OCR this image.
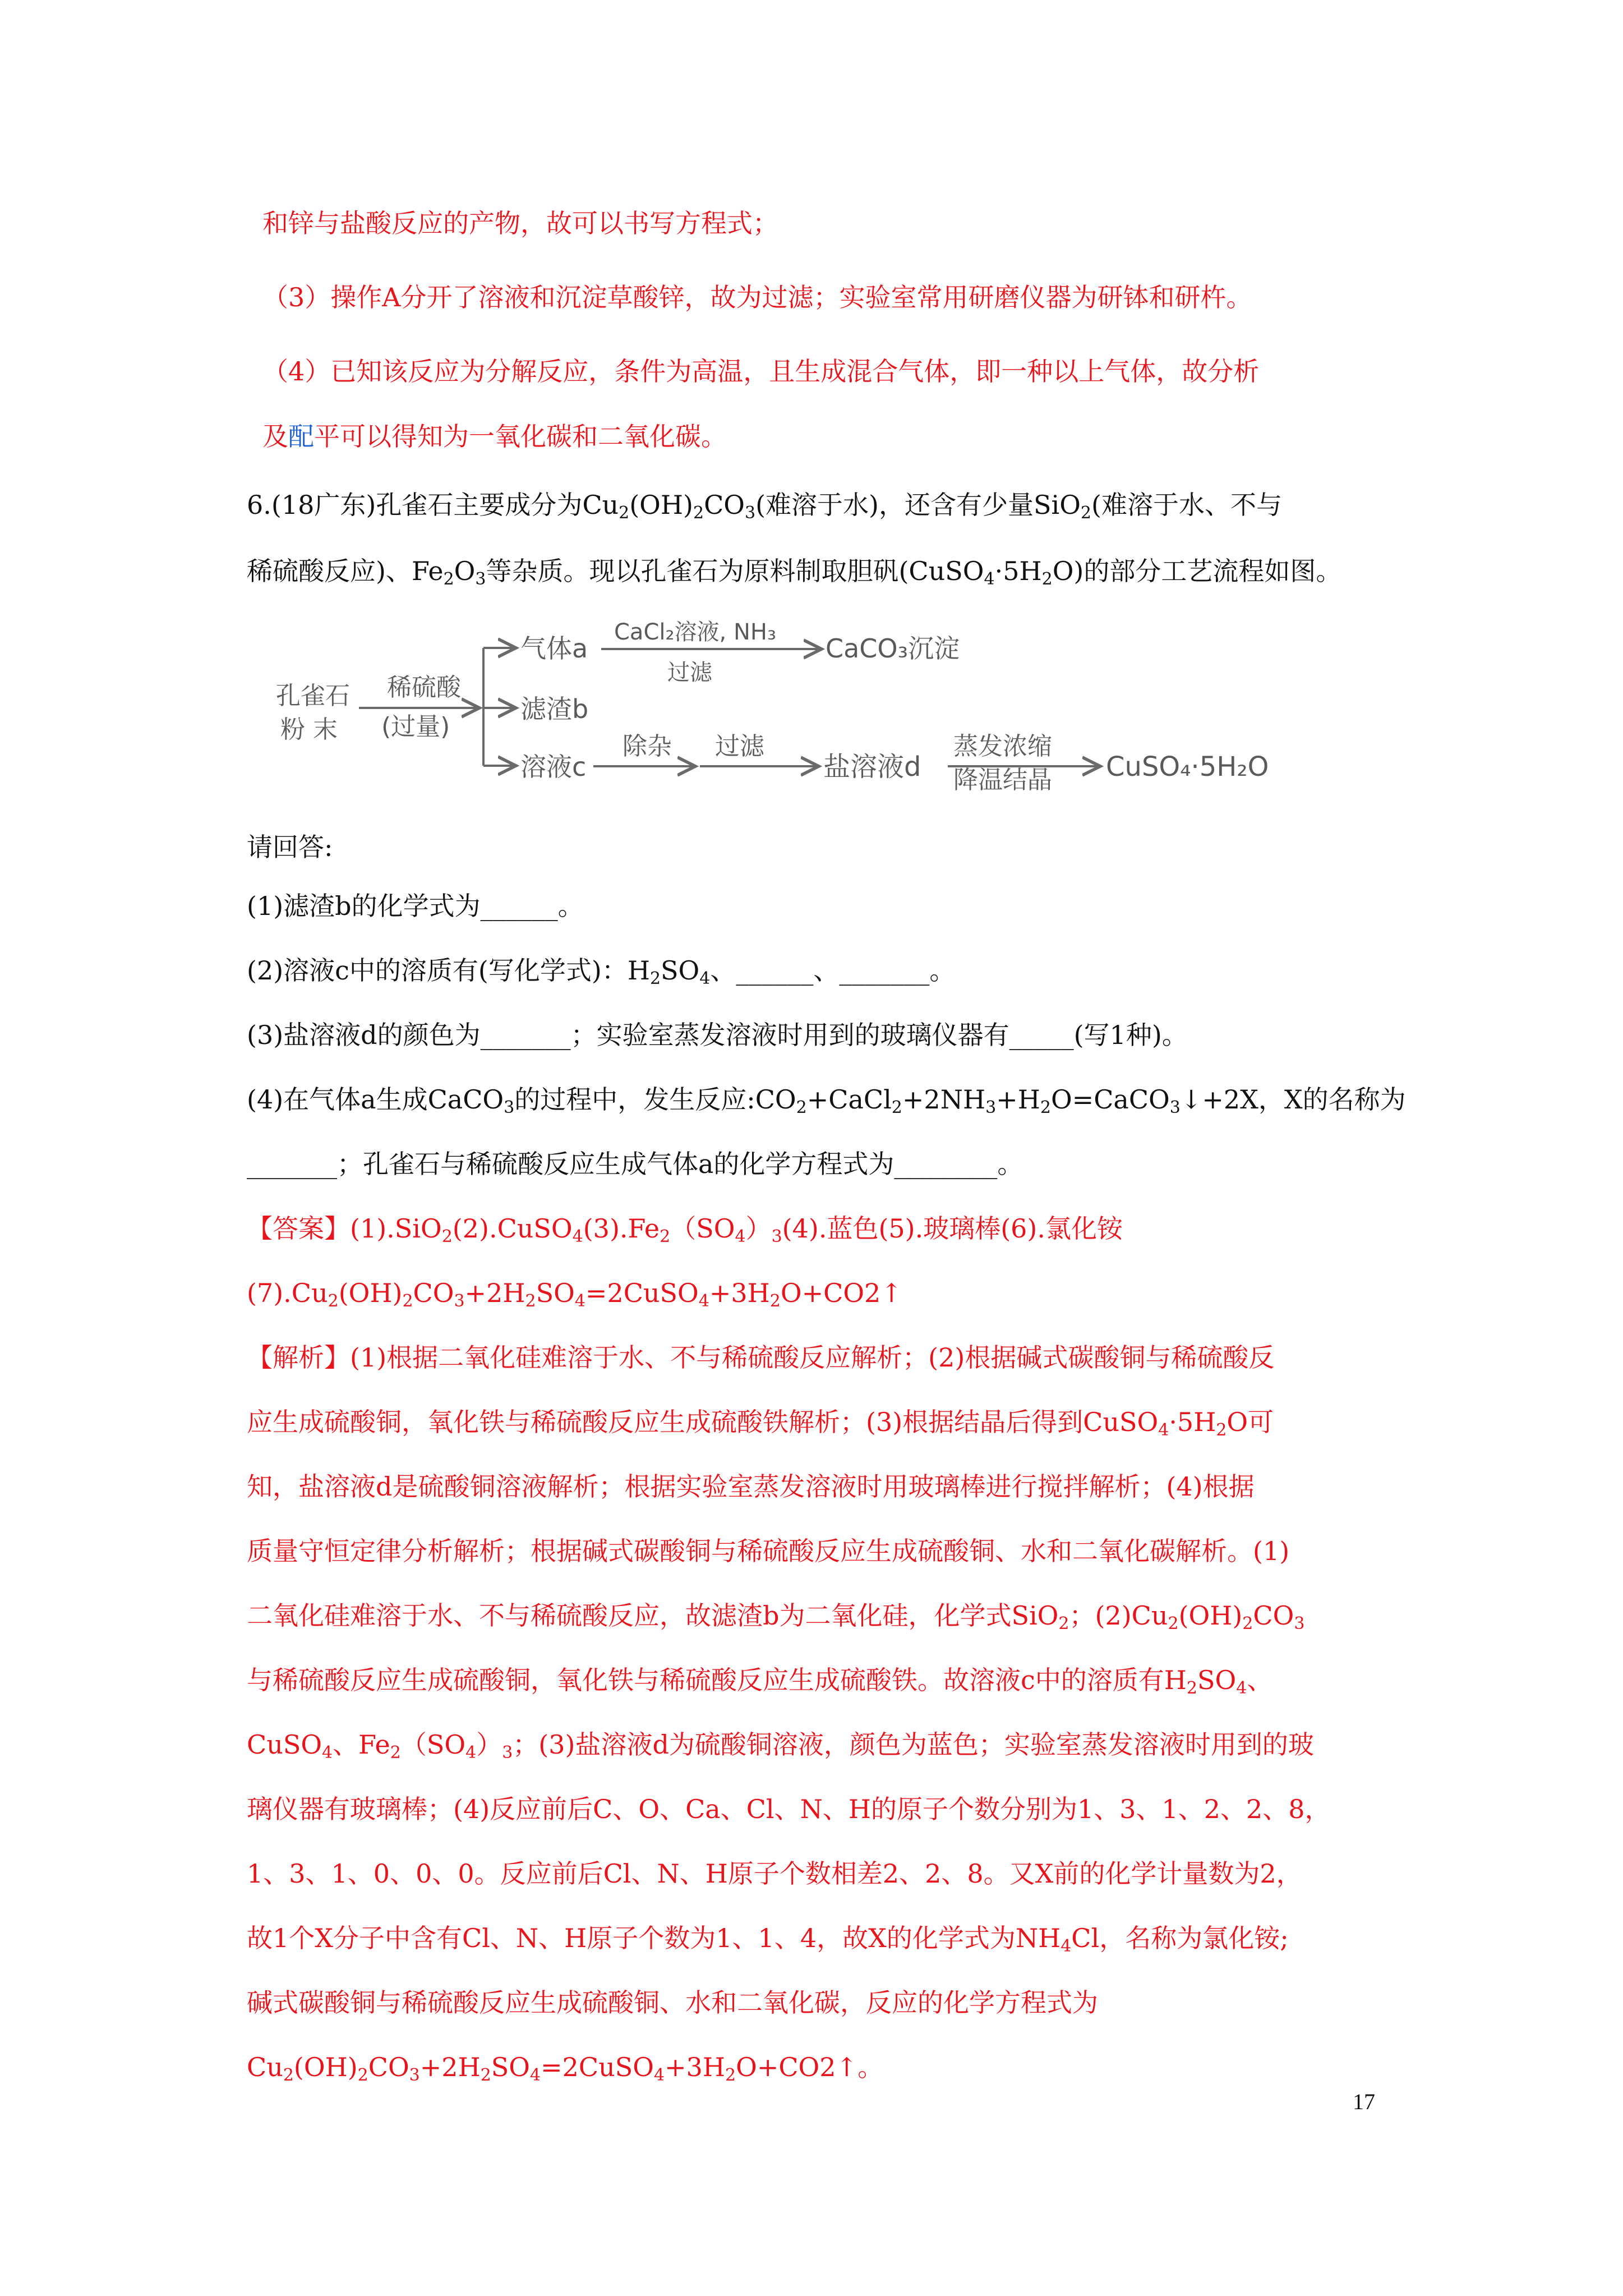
和锌与盐酸反应的产物，故可以书写方程式；
（3）操作A分开了溶液和沉淀草酸锌，故为过滤；实验室常用研磨仪器为研钵和研杵。
（4）已知该反应为分解反应，条件为高温，且生成混合气体，即一种以上气体，故分析
及配平可以得知为一氧化碳和二氧化碳。
6.(18广东)孔雀石主要成分为$Cu_2(OH)_2CO_3$(难溶于水)，还含有少量SiO$_2$(难溶于水、不与
稀硫酸反应)、$Fe_2O_3$等杂质。现以孔雀石为原料制取胆矾$(CuSO_4\cdot 5H_2O)$的部分工艺流程如图。
孔雀石
粉 末
稀硫酸
(过量)
气体a
CaCl₂溶液, NH₃
过滤
CaCO₃沉淀
滤渣b
溶液c
除杂 过滤
盐溶液d
蒸发浓缩
降温结晶 CuSO₄·5H₂O
请回答:
(1)滤渣b的化学式为______。
(2)溶液c中的溶质有(写化学式)：$H_2SO_4$、______、_______。
(3)盐溶液d的颜色为_______；实验室蒸发溶液时用到的玻璃仪器有_____(写1种)。
(4)在气体a生成CaCO$_3$的过程中，发生反应$:CO_2+CaCl_2+2NH_3+H_2O=CaCO_3↓+2X$，X的名称为
_______；孔雀石与稀硫酸反应生成气体a的化学方程式为________。
【答案】$(1).SiO_2(2).CuSO_4(3).Fe_2(SO_4)_3(4)$.蓝色(5).玻璃棒(6).氯化铵
$(7).Cu_2(OH)_2CO_3+2H_2SO_4=2CuSO_4+3H_2O+CO2↑$
【解析】(1)根据二氧化硅难溶于水、不与稀硫酸反应解析；(2)根据碱式碳酸铜与稀硫酸反
应生成硫酸铜，氧化铁与稀硫酸反应生成硫酸铁解析；(3)根据结晶后得到$CuSO_4\cdot 5H_2O$可
知，盐溶液d是硫酸铜溶液解析；根据实验室蒸发溶液时用玻璃棒进行搅拌解析；(4)根据
质量守恒定律分析解析；根据碱式碳酸铜与稀硫酸反应生成硫酸铜、水和二氧化碳解析。(1)
二氧化硅难溶于水、不与稀硫酸反应，故滤渣b为二氧化硅，化学式SiO$_2$；$(2)Cu_2(OH)_2CO_3$
与稀硫酸反应生成硫酸铜，氧化铁与稀硫酸反应生成硫酸铁。故溶液c中的溶质有$H_2SO_4$、
CuSO$_4$、$Fe_2(SO_4)_3$；(3)盐溶液d为硫酸铜溶液，颜色为蓝色；实验室蒸发溶液时用到的玻
璃仪器有玻璃棒；(4)反应前后C、O、Ca、Cl、N、H的原子个数分别为1、3、1、2、2、8，
1、3、1、0、0、0。反应前后Cl、N、H原子个数相差2、2、8。又X前的化学计量数为2，
故1个X分子中含有Cl、N、H原子个数为1、1、4，故X的化学式为$NH_4Cl$，名称为氯化铵;
碱式碳酸铜与稀硫酸反应生成硫酸铜、水和二氧化碳，反应的化学方程式为
$Cu_2(OH)_2CO_3+2H_2SO_4=2CuSO_4+3H_2O+CO2↑$。
17
